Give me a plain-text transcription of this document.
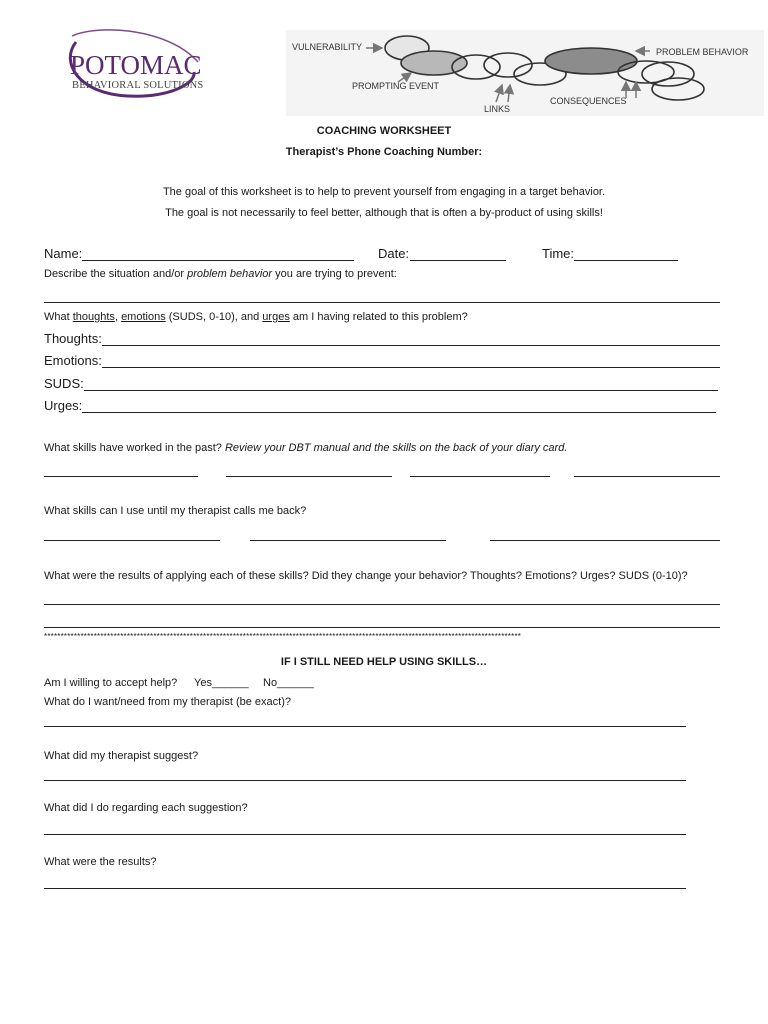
POTOMAC
BEHAVIORAL SOLUTIONS
VULNERABILITY
PROMPTING EVENT
LINKS
CONSEQUENCES
PROBLEM BEHAVIOR
COACHING WORKSHEET
Therapist’s Phone Coaching Number:
The goal of this worksheet is to help to prevent yourself from engaging in a target behavior.
The goal is not necessarily to feel better, although that is often a by-product of using skills!
Name:	Date:	Time:
Describe the situation and/or problem behavior you are trying to prevent:
What thoughts, emotions (SUDS, 0-10), and urges am I having related to this problem?
Thoughts:
Emotions:
SUDS:
Urges:
What skills have worked in the past? Review your DBT manual and the skills on the back of your diary card.
What skills can I use until my therapist calls me back?
What were the results of applying each of these skills? Did they change your behavior? Thoughts? Emotions? Urges? SUDS (0-10)?
************************************************************************************************************************************************
IF I STILL NEED HELP USING SKILLS…
Am I willing to accept help? Yes______ No______
What do I want/need from my therapist (be exact)?
What did my therapist suggest?
What did I do regarding each suggestion?
What were the results?
